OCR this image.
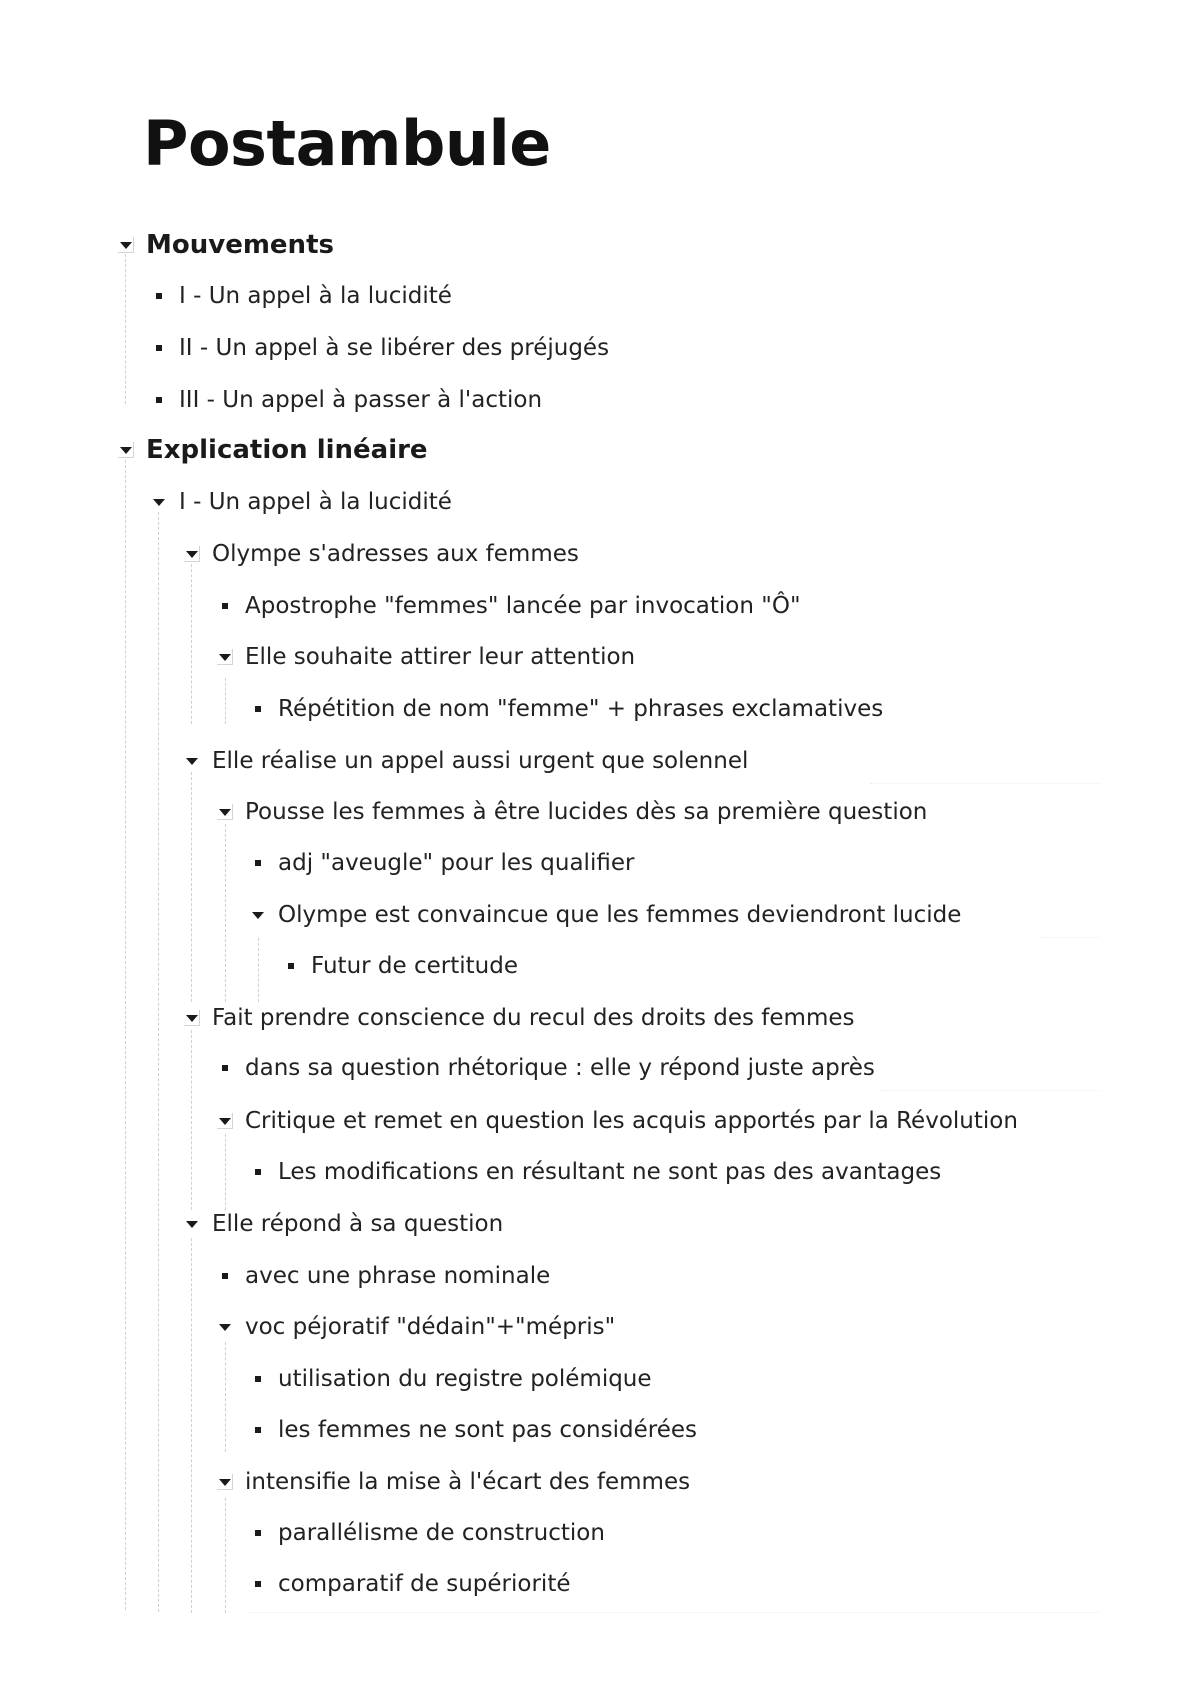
Postambule
Mouvements
I - Un appel à la lucidité
II - Un appel à se libérer des préjugés
III - Un appel à passer à l'action
Explication linéaire
I - Un appel à la lucidité
Olympe s'adresses aux femmes
Apostrophe "femmes" lancée par invocation "Ô"
Elle souhaite attirer leur attention
Répétition de nom "femme" + phrases exclamatives
Elle réalise un appel aussi urgent que solennel
Pousse les femmes à être lucides dès sa première question
adj "aveugle" pour les qualifier
Olympe est convaincue que les femmes deviendront lucide
Futur de certitude
Fait prendre conscience du recul des droits des femmes
dans sa question rhétorique : elle y répond juste après
Critique et remet en question les acquis apportés par la Révolution
Les modifications en résultant ne sont pas des avantages
Elle répond à sa question
avec une phrase nominale
voc péjoratif "dédain"+"mépris"
utilisation du registre polémique
les femmes ne sont pas considérées
intensifie la mise à l'écart des femmes
parallélisme de construction
comparatif de supériorité
